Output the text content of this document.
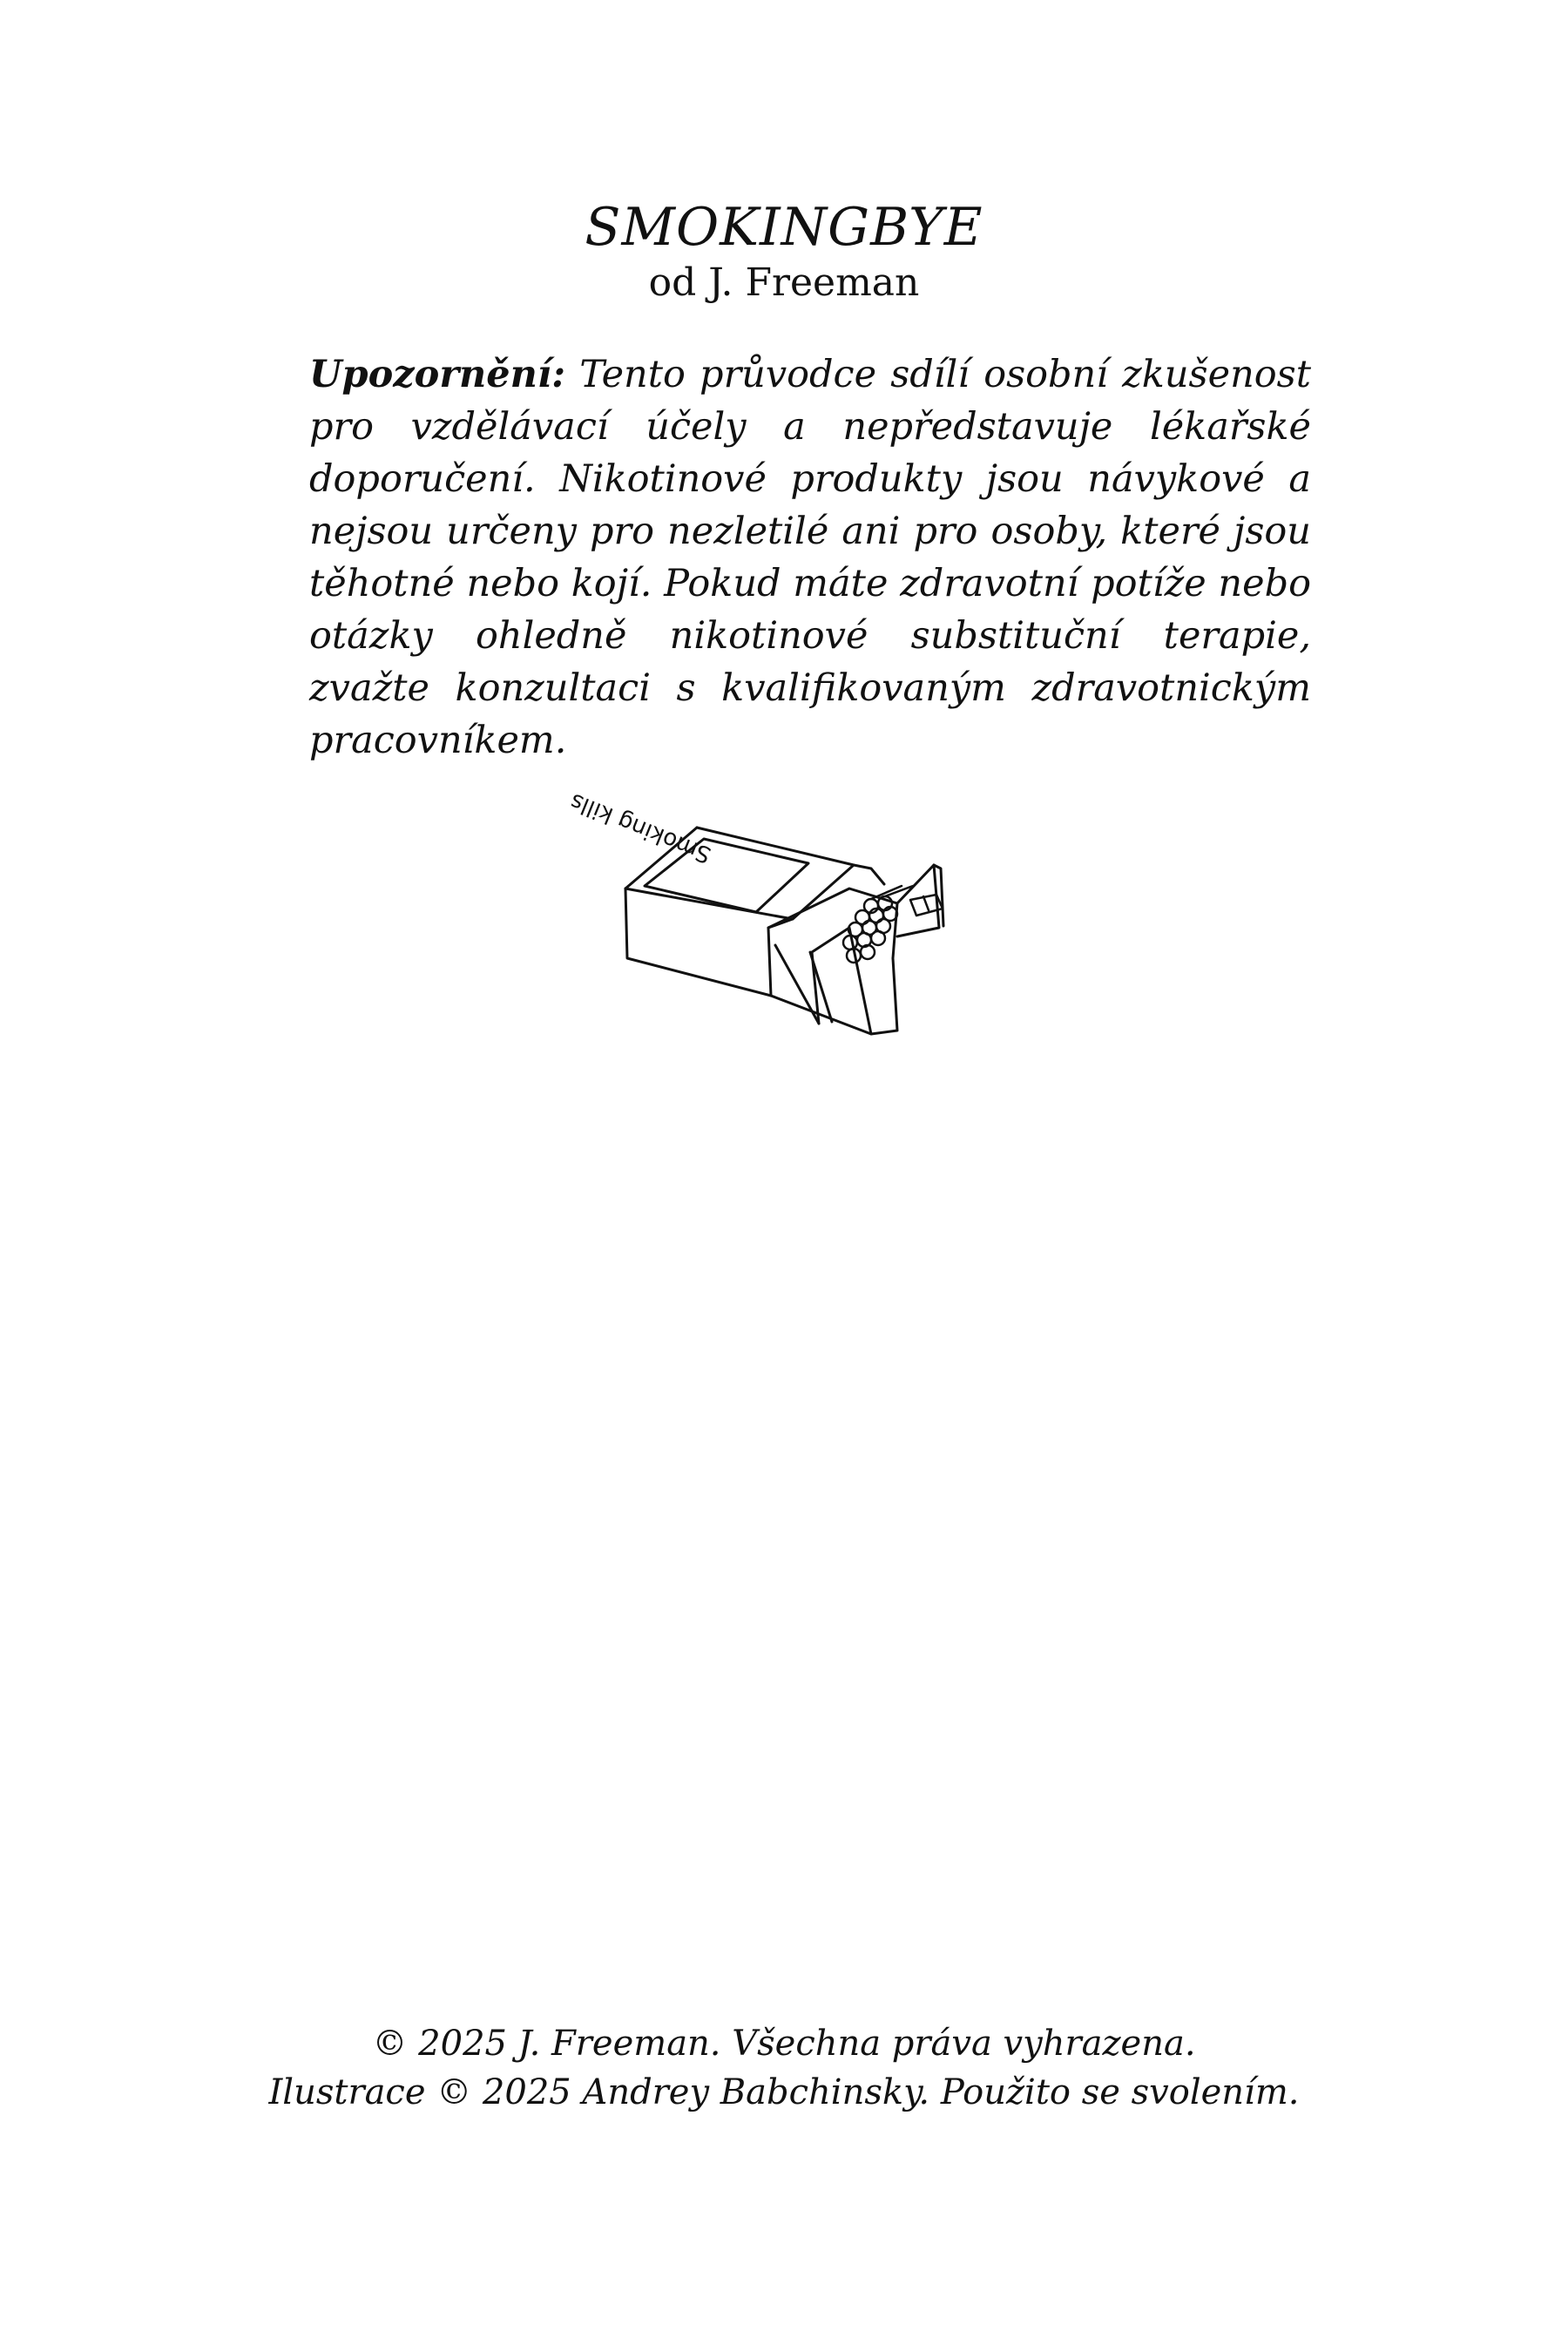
SMOKINGBYE

od J. Freeman

Upozornění: Tento průvodce sdílí osobní zkušenost pro vzdělávací účely a nepředstavuje lékařské doporučení. Nikotinové produkty jsou návykové a nejsou určeny pro nezletilé ani pro osoby, které jsou těhotné nebo kojí. Pokud máte zdravotní potíže nebo otázky ohledně nikotinové substituční terapie, zvažte konzultaci s kvalifikovaným zdravotnickým pracovníkem.

Smoking kills

© 2025 J. Freeman. Všechna práva vyhrazena.

Ilustrace © 2025 Andrey Babchinsky. Použito se svolením.
